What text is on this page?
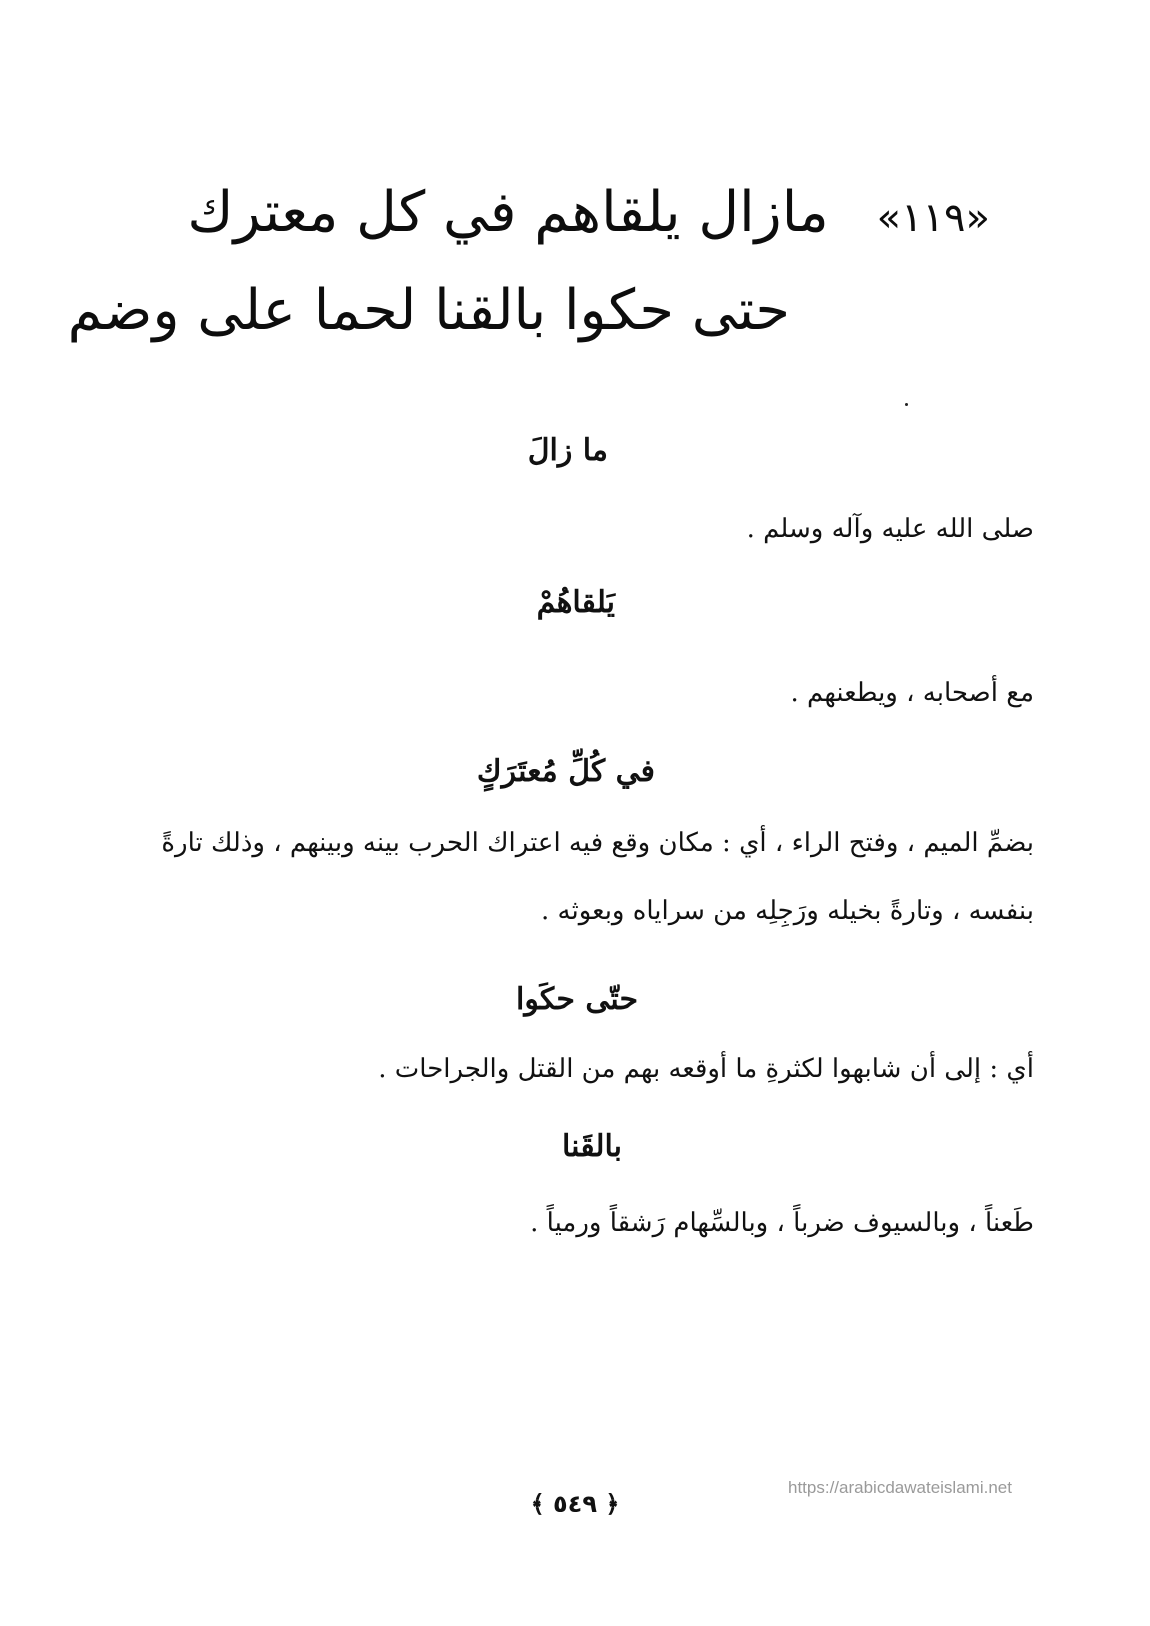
«١١٩» مازال يلقاهم في كل معترك
حتى حكوا بالقنا لحما على وضم
ما زالَ
صلى الله عليه وآله وسلم .
يَلقاهُمْ
مع أصحابه ، ويطعنهم .
في كُلِّ مُعتَرَكٍ
بضمِّ الميم ، وفتح الراء ، أي : مكان وقع فيه اعتراك الحرب بينه وبينهم ، وذلك تارةً
بنفسه ، وتارةً بخيله ورَجِلِه من سراياه وبعوثه .
حتّى حكَوا
أي : إلى أن شابهوا لكثرةِ ما أوقعه بهم من القتل والجراحات .
بالقَنا
طَعناً ، وبالسيوف ضرباً ، وبالسِّهام رَشقاً ورمياً .
﴿ ٥٤٩ ﴾
https://arabicdawateislami.net
